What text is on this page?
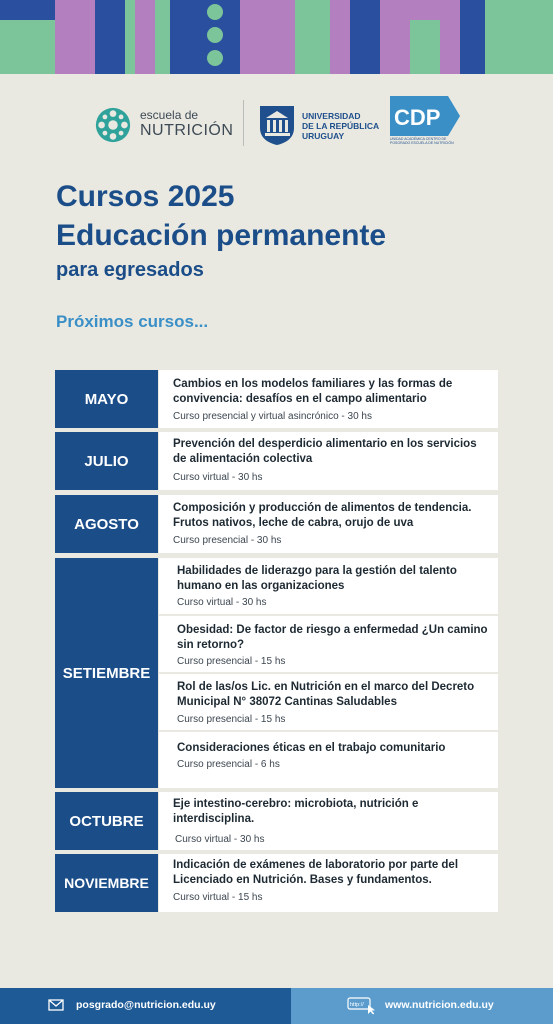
escuela de
NUTRICIÓN
UNIVERSIDAD
DE LA REPÚBLICA
URUGUAY
CDP
UNIDAD ACADÉMICA CENTRO DE POSGRADO ESCUELA DE NUTRICIÓN
Cursos 2025
Educación permanente
para egresados
Próximos cursos...
MAYO
Cambios en los modelos familiares y las formas de convivencia: desafíos en el campo alimentario
Curso presencial y virtual asincrónico - 30 hs
JULIO
Prevención del desperdicio alimentario en los servicios de alimentación colectiva
Curso virtual - 30 hs
AGOSTO
Composición y producción de alimentos de tendencia. Frutos nativos, leche de cabra, orujo de uva
Curso presencial - 30 hs
SETIEMBRE
Habilidades de liderazgo para la gestión del talento humano en las organizaciones
Curso virtual - 30 hs
Obesidad: De factor de riesgo a enfermedad ¿Un camino sin retorno?
Curso presencial - 15 hs
Rol de las/os Lic. en Nutrición en el marco del Decreto Municipal N° 38072 Cantinas Saludables
Curso presencial - 15 hs
Consideraciones éticas en el trabajo comunitario
Curso presencial - 6 hs
OCTUBRE
Eje intestino-cerebro: microbiota, nutrición e interdisciplina.
Curso virtual - 30 hs
NOVIEMBRE
Indicación de exámenes de laboratorio por parte del Licenciado en Nutrición. Bases y fundamentos.
Curso virtual - 15 hs
posgrado@nutricion.edu.uy	http:// www.nutricion.edu.uy
